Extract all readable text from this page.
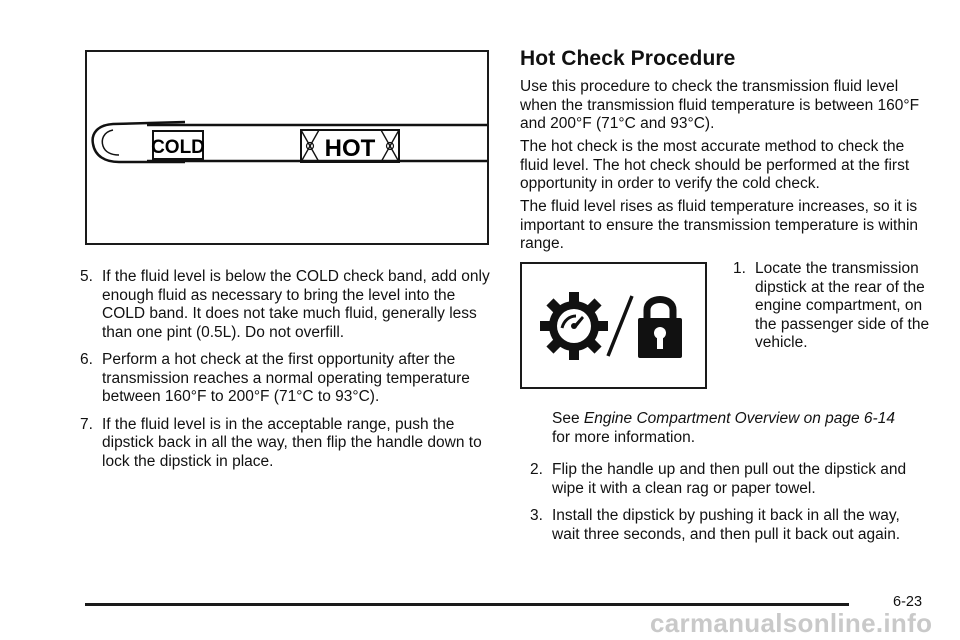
COLD	HOT
5. If the fluid level is below the COLD check band, add only enough fluid as necessary to bring the level into the COLD band. It does not take much fluid, generally less than one pint (0.5L). Do not overfill.
6. Perform a hot check at the first opportunity after the transmission reaches a normal operating temperature between 160°F to 200°F (71°C to 93°C).
7. If the fluid level is in the acceptable range, push the dipstick back in all the way, then flip the handle down to lock the dipstick in place.
Hot Check Procedure

Use this procedure to check the transmission fluid level when the transmission fluid temperature is between 160°F and 200°F (71°C and 93°C).

The hot check is the most accurate method to check the fluid level. The hot check should be performed at the first opportunity in order to verify the cold check.

The fluid level rises as fluid temperature increases, so it is important to ensure the transmission temperature is within range.

1. Locate the transmission dipstick at the rear of the engine compartment, on the passenger side of the vehicle.

See Engine Compartment Overview on page 6-14
for more information.

2. Flip the handle up and then pull out the dipstick and wipe it with a clean rag or paper towel.
3. Install the dipstick by pushing it back in all the way, wait three seconds, and then pull it back out again.
6-23
carmanualsonline.info
